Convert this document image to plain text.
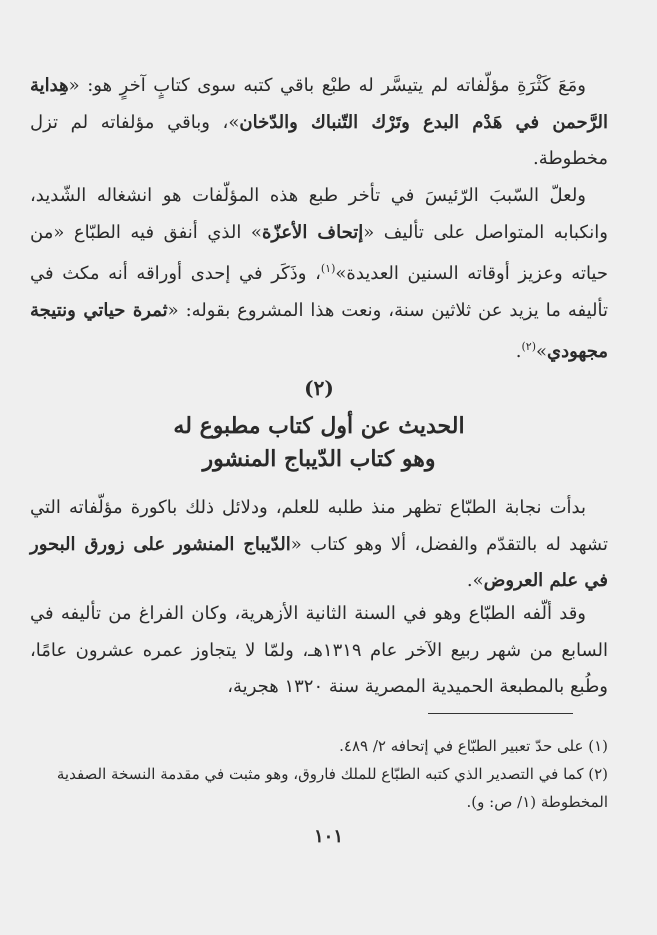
ومَعَ كَثْرَةِ مؤلّفاته لم يتيسَّر له طبْع باقي كتبه سوى كتابٍ آخرٍ هو: «هِداية الرَّحمن في هَدْم البدع وتَرْك التّنباك والدّخان»، وباقي مؤلفاته لم تزل مخطوطة.

ولعلّ السّببَ الرّئيسَ في تأخر طبع هذه المؤلّفات هو انشغاله الشّديد، وانكبابه المتواصل على تأليف «إتحاف الأعزّة» الذي أنفق فيه الطبّاع «من حياته وعزيز أوقاته السنين العديدة»$^{(١)}$، وذَكَر في إحدى أوراقه أنه مكث في تأليفه ما يزيد عن ثلاثين سنة، ونعت هذا المشروع بقوله: «ثمرة حياتي ونتيجة مجهودي»$^{(٢)}$.

(٢)
الحديث عن أول كتاب مطبوع له
وهو كتاب الدّيباج المنشور

بدأت نجابة الطبّاع تظهر منذ طلبه للعلم، ودلائل ذلك باكورة مؤلّفاته التي تشهد له بالتقدّم والفضل، ألا وهو كتاب «الدّيباج المنشور على زورق البحور في علم العروض».

وقد ألّفه الطبّاع وهو في السنة الثانية الأزهرية، وكان الفراغ من تأليفه في السابع من شهر ربيع الآخر عام ١٣١٩هـ، ولمّا لا يتجاوز عمره عشرون عامًا، وطُبع بالمطبعة الحميدية المصرية سنة ١٣٢٠ هجرية،

(١) على حدّ تعبير الطبّاع في إتحافه ٢/ ٤٨٩.

(٢) كما في التصدير الذي كتبه الطبّاع للملك فاروق، وهو مثبت في مقدمة النسخة الصفدية المخطوطة (١/ ص: و).

١٠١
